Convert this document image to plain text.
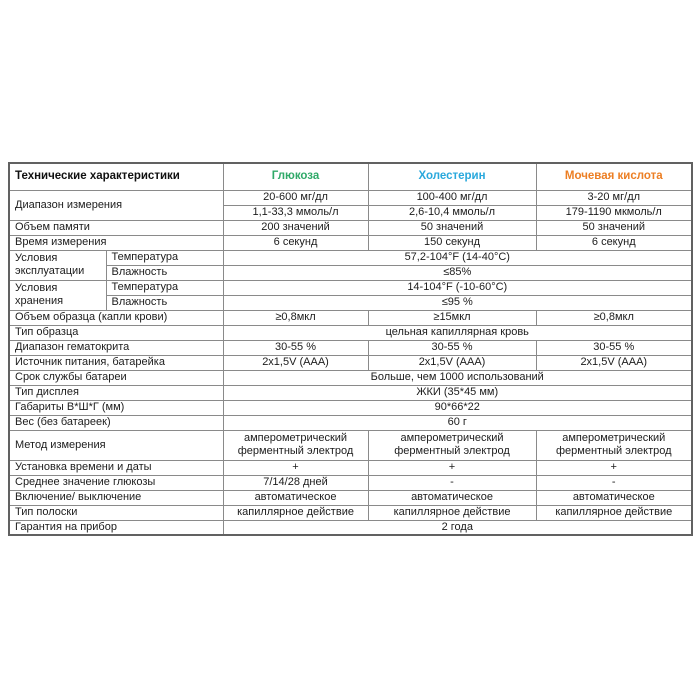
Технические характеристики		Глюкоза	Холестерин	Мочевая кислота
Диапазон измерения		20-600 мг/дл	100-400 мг/дл	3-20 мг/дл
		1,1-33,3 ммоль/л	2,6-10,4 ммоль/л	179-1190 мкмоль/л
Объем памяти		200 значений	50 значений	50 значений
Время измерения		6 секунд	150 секунд	6 секунд
Условия эксплуатации	Температура	57,2-104°F (14-40°C)		
	Влажность	≤85%		
Условия хранения	Температура	14-104°F (-10-60°C)		
	Влажность	≤95 %		
Объем образца (капли крови)		≥0,8мкл	≥15мкл	≥0,8мкл
Тип образца		цельная капиллярная кровь		
Диапазон гематокрита		30-55 %	30-55 %	30-55 %
Источник питания, батарейка		2x1,5V (AAA)	2x1,5V (AAA)	2x1,5V (AAA)
Срок службы батареи		Больше, чем 1000 использований		
Тип дисплея		ЖКИ (35*45 мм)		
Габариты В*Ш*Г (мм)		90*66*22		
Вес (без батареек)		60 г		
Метод измерения		амперометрический ферментный электрод	амперометрический ферментный электрод	амперометрический ферментный электрод
Установка времени и даты		+	+	+
Среднее значение глюкозы		7/14/28 дней	-	-
Включение/ выключение		автоматическое	автоматическое	автоматическое
Тип полоски		капиллярное действие	капиллярное действие	капиллярное действие
Гарантия на прибор		2 года		
